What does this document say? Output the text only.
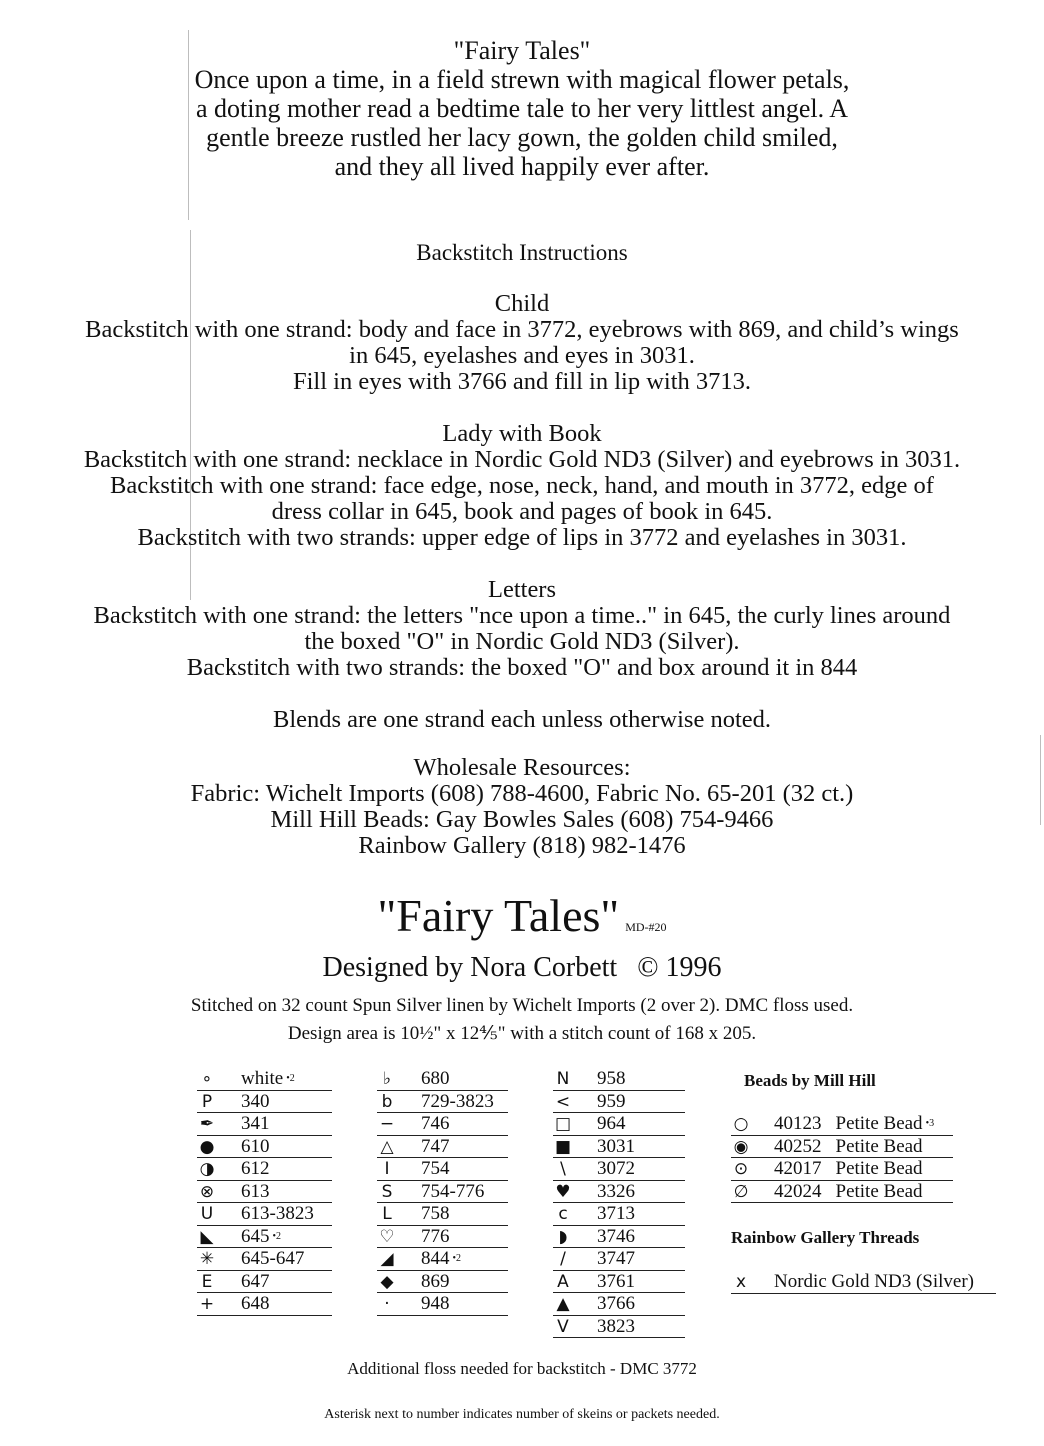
"Fairy Tales"
Once upon a time, in a field strewn with magical flower petals,
a doting mother read a bedtime tale to her very littlest angel. A
gentle breeze rustled her lacy gown, the golden child smiled,
and they all lived happily ever after.
Backstitch Instructions
Child
Backstitch with one strand: body and face in 3772, eyebrows with 869, and child’s wings
in 645, eyelashes and eyes in 3031.
Fill in eyes with 3766 and fill in lip with 3713.
Lady with Book
Backstitch with one strand: necklace in Nordic Gold ND3 (Silver) and eyebrows in 3031.
Backstitch with one strand: face edge, nose, neck, hand, and mouth in 3772, edge of
dress collar in 645, book and pages of book in 645.
Backstitch with two strands: upper edge of lips in 3772 and eyelashes in 3031.
Letters
Backstitch with one strand: the letters "nce upon a time.." in 645, the curly lines around
the boxed "O" in Nordic Gold ND3 (Silver).
Backstitch with two strands: the boxed "O" and box around it in 844
Blends are one strand each unless otherwise noted.
Wholesale Resources:
Fabric: Wichelt Imports (608) 788-4600, Fabric No. 65-201 (32 ct.)
Mill Hill Beads: Gay Bowles Sales (608) 754-9466
Rainbow Gallery (818) 982-1476
"Fairy Tales" MD-#20
Designed by Nora Corbett © 1996
Stitched on 32 count Spun Silver linen by Wichelt Imports (2 over 2). DMC floss used.
Design area is 10½" x 12⅘" with a stitch count of 168 x 205.
∘ white •2
P 340
✒ 341
● 610
◑ 612
⊗ 613
U 613-3823
◣ 645 •2
✳ 645-647
E 647
+ 648
♭	680
b 729-3823
− 746
△ 747
I	754
S 754-776
L 758
♡ 776
◢ 844 •2
◆ 869
·	948
N 958
< 959
□ 964
■ 3031
\	3072
♥ 3326
c 3713
◗ 3746
/	3747
A 3761
▲ 3766
V 3823
Beads by Mill Hill
○ 40123 Petite Bead •3
◉ 40252 Petite Bead
⊙ 42017 Petite Bead
∅ 42024 Petite Bead
Rainbow Gallery Threads
x Nordic Gold ND3 (Silver)
Additional floss needed for backstitch - DMC 3772
Asterisk next to number indicates number of skeins or packets needed.
